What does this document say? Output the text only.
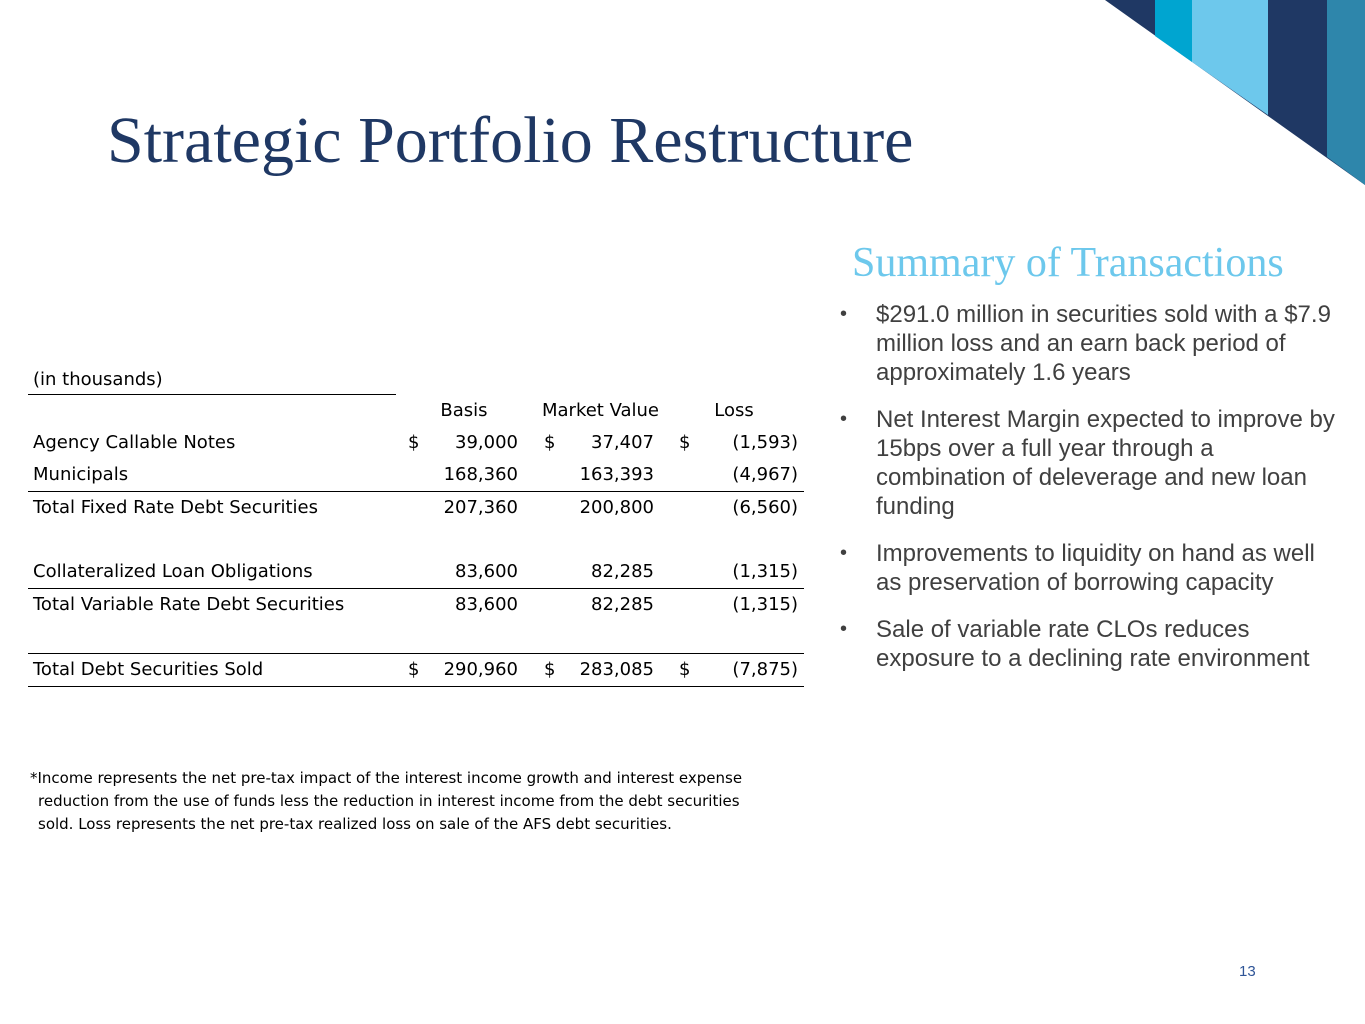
Strategic Portfolio Restructure
Summary of Transactions
• $291.0 million in securities sold with a $7.9 million loss and an earn back period of approximately 1.6 years
• Net Interest Margin expected to improve by 15bps over a full year through a combination of deleverage and new loan funding
• Improvements to liquidity on hand as well as preservation of borrowing capacity
• Sale of variable rate CLOs reduces exposure to a declining rate environment
(in thousands)
Basis	Market Value	Loss
Agency Callable Notes	$ 39,000 $ 37,407 $ (1,593)
Municipals	168,360	163,393	(4,967)
Total Fixed Rate Debt Securities	207,360	200,800	(6,560)
Collateralized Loan Obligations	83,600	82,285	(1,315)
Total Variable Rate Debt Securities	83,600	82,285	(1,315)
Total Debt Securities Sold	$ 290,960 $ 283,085 $ (7,875)
*Income represents the net pre-tax impact of the interest income growth and interest expense
reduction from the use of funds less the reduction in interest income from the debt securities
sold. Loss represents the net pre-tax realized loss on sale of the AFS debt securities.
13
